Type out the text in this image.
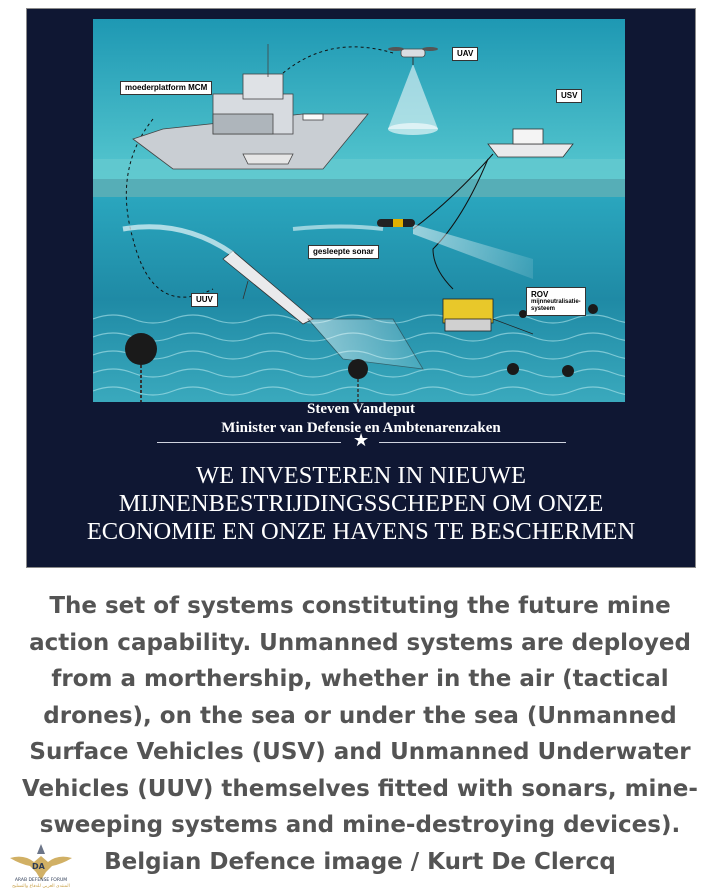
moederplatform MCM
UAV
USV
gesleepte sonar
UUV
ROV
mijnneutralisatie-
systeem
Steven Vandeput
Minister van Defensie en Ambtenarenzaken
★
WE INVESTEREN IN NIEUWE
MIJNENBESTRIJDINGSSCHEPEN OM ONZE
ECONOMIE EN ONZE HAVENS TE BESCHERMEN
The set of systems constituting the future mine
action capability. Unmanned systems are deployed
from a morthership, whether in the air (tactical
drones), on the sea or under the sea (Unmanned
Surface Vehicles (USV) and Unmanned Underwater
Vehicles (UUV) themselves fitted with sonars, mine-
sweeping systems and mine-destroying devices).
Belgian Defence image / Kurt De Clercq
DA
ARAB DEFENSE FORUM
المنتدى العربي للدفاع والتسليح
